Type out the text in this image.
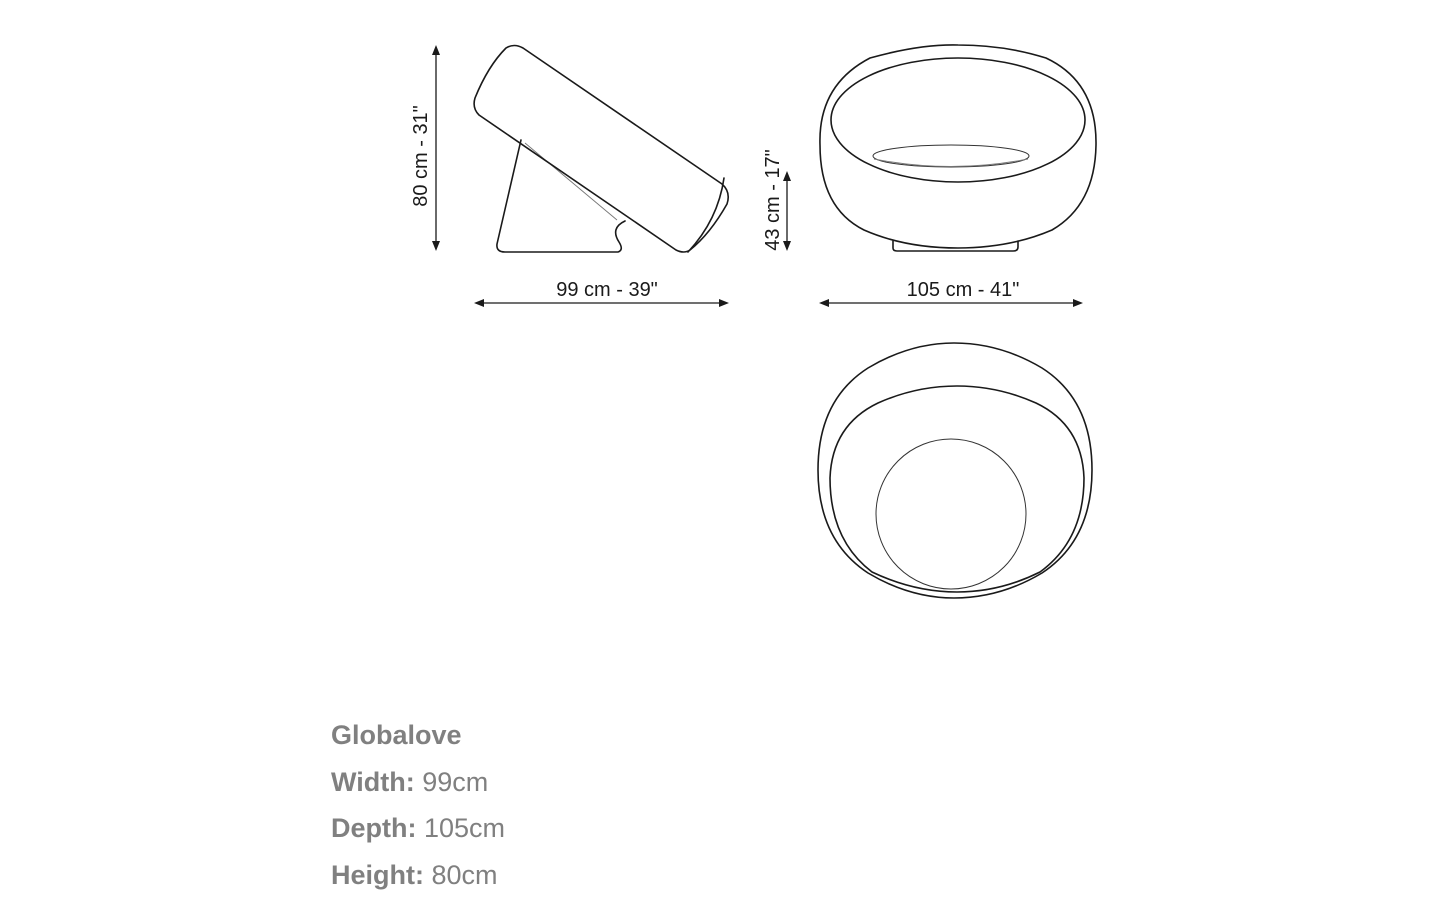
80 cm - 31"
99 cm - 39"
43 cm - 17"
105 cm - 41"
Globalove
Width: 99cm
Depth: 105cm
Height: 80cm
